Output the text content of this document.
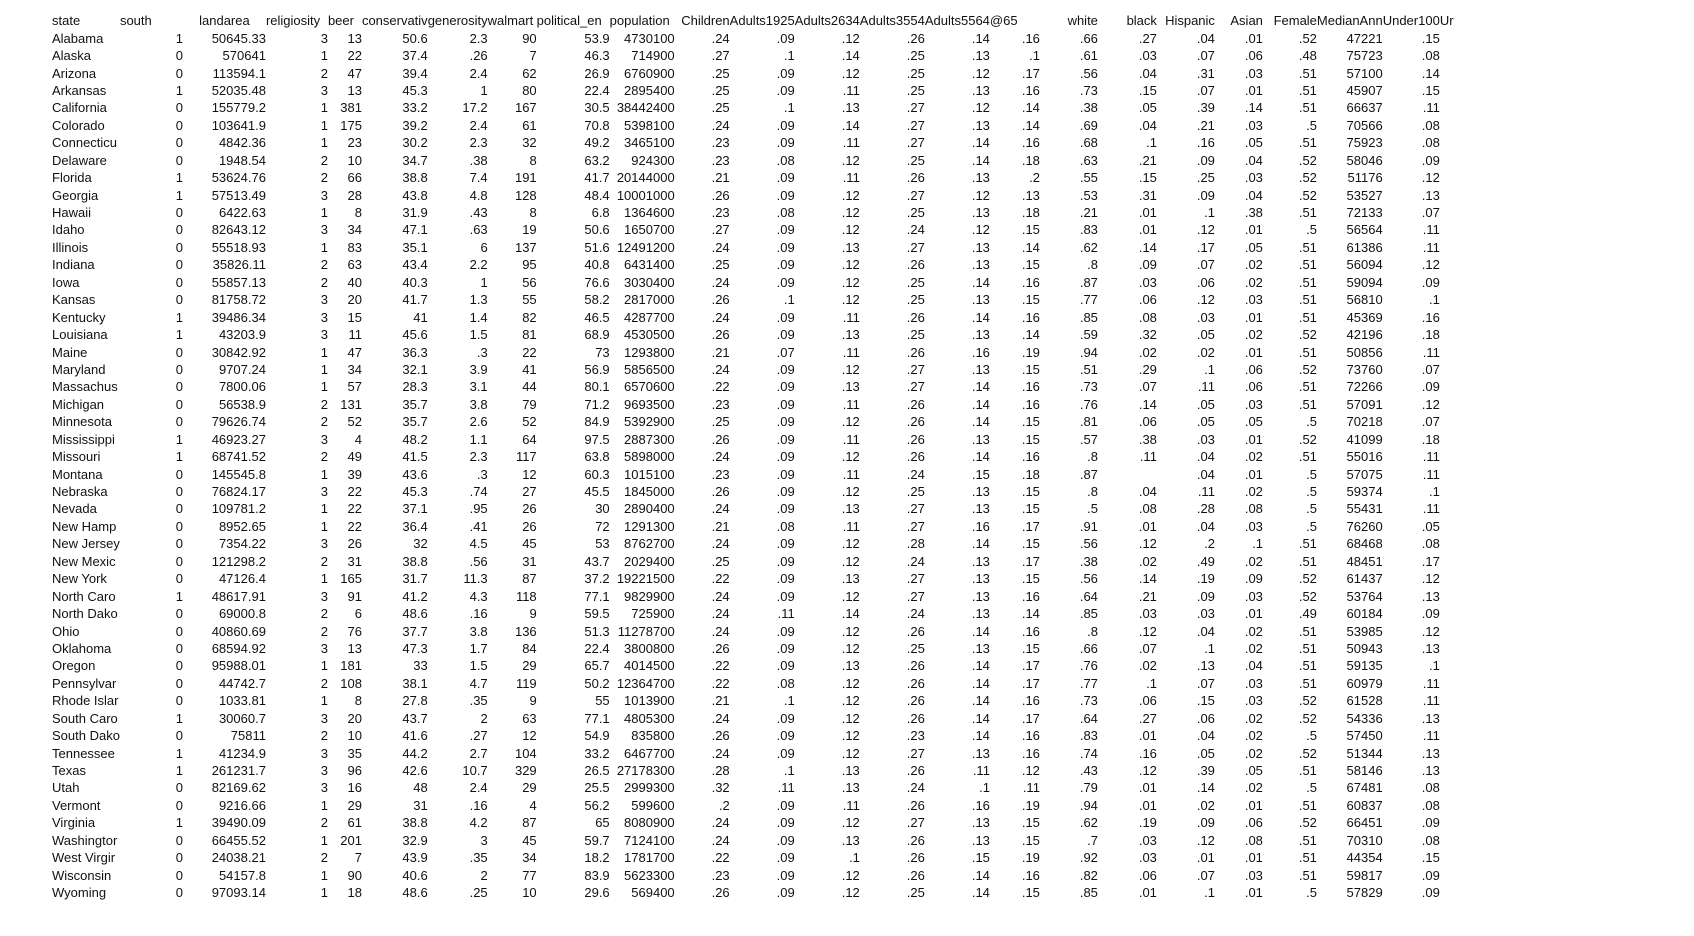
state	south	landarea	religiosity	beer	conservativ	generosity	walmart	political_en	population	Children	Adults1925	Adults2634	Adults3554	Adults5564	@65	white	black	Hispanic	Asian	Female	MedianAnn	Under100	Ur
Alabama	1	50645.33	3	13	50.6	2.3	90	53.9	4730100	.24	.09	.12	.26	.14	.16	.66	.27	.04	.01	.52	47221	.15	
Alaska	0	570641	1	22	37.4	.26	7	46.3	714900	.27	.1	.14	.25	.13	.1	.61	.03	.07	.06	.48	75723	.08	
Arizona	0	113594.1	2	47	39.4	2.4	62	26.9	6760900	.25	.09	.12	.25	.12	.17	.56	.04	.31	.03	.51	57100	.14	
Arkansas	1	52035.48	3	13	45.3	1	80	22.4	2895400	.25	.09	.11	.25	.13	.16	.73	.15	.07	.01	.51	45907	.15	
California	0	155779.2	1	381	33.2	17.2	167	30.5	38442400	.25	.1	.13	.27	.12	.14	.38	.05	.39	.14	.51	66637	.11	
Colorado	0	103641.9	1	175	39.2	2.4	61	70.8	5398100	.24	.09	.14	.27	.13	.14	.69	.04	.21	.03	.5	70566	.08	
Connecticu	0	4842.36	1	23	30.2	2.3	32	49.2	3465100	.23	.09	.11	.27	.14	.16	.68	.1	.16	.05	.51	75923	.08	
Delaware	0	1948.54	2	10	34.7	.38	8	63.2	924300	.23	.08	.12	.25	.14	.18	.63	.21	.09	.04	.52	58046	.09	
Florida	1	53624.76	2	66	38.8	7.4	191	41.7	20144000	.21	.09	.11	.26	.13	.2	.55	.15	.25	.03	.52	51176	.12	
Georgia	1	57513.49	3	28	43.8	4.8	128	48.4	10001000	.26	.09	.12	.27	.12	.13	.53	.31	.09	.04	.52	53527	.13	
Hawaii	0	6422.63	1	8	31.9	.43	8	6.8	1364600	.23	.08	.12	.25	.13	.18	.21	.01	.1	.38	.51	72133	.07	
Idaho	0	82643.12	3	34	47.1	.63	19	50.6	1650700	.27	.09	.12	.24	.12	.15	.83	.01	.12	.01	.5	56564	.11	
Illinois	0	55518.93	1	83	35.1	6	137	51.6	12491200	.24	.09	.13	.27	.13	.14	.62	.14	.17	.05	.51	61386	.11	
Indiana	0	35826.11	2	63	43.4	2.2	95	40.8	6431400	.25	.09	.12	.26	.13	.15	.8	.09	.07	.02	.51	56094	.12	
Iowa	0	55857.13	2	40	40.3	1	56	76.6	3030400	.24	.09	.12	.25	.14	.16	.87	.03	.06	.02	.51	59094	.09	
Kansas	0	81758.72	3	20	41.7	1.3	55	58.2	2817000	.26	.1	.12	.25	.13	.15	.77	.06	.12	.03	.51	56810	.1	
Kentucky	1	39486.34	3	15	41	1.4	82	46.5	4287700	.24	.09	.11	.26	.14	.16	.85	.08	.03	.01	.51	45369	.16	
Louisiana	1	43203.9	3	11	45.6	1.5	81	68.9	4530500	.26	.09	.13	.25	.13	.14	.59	.32	.05	.02	.52	42196	.18	
Maine	0	30842.92	1	47	36.3	.3	22	73	1293800	.21	.07	.11	.26	.16	.19	.94	.02	.02	.01	.51	50856	.11	
Maryland	0	9707.24	1	34	32.1	3.9	41	56.9	5856500	.24	.09	.12	.27	.13	.15	.51	.29	.1	.06	.52	73760	.07	
Massachus	0	7800.06	1	57	28.3	3.1	44	80.1	6570600	.22	.09	.13	.27	.14	.16	.73	.07	.11	.06	.51	72266	.09	
Michigan	0	56538.9	2	131	35.7	3.8	79	71.2	9693500	.23	.09	.11	.26	.14	.16	.76	.14	.05	.03	.51	57091	.12	
Minnesota	0	79626.74	2	52	35.7	2.6	52	84.9	5392900	.25	.09	.12	.26	.14	.15	.81	.06	.05	.05	.5	70218	.07	
Mississippi	1	46923.27	3	4	48.2	1.1	64	97.5	2887300	.26	.09	.11	.26	.13	.15	.57	.38	.03	.01	.52	41099	.18	
Missouri	1	68741.52	2	49	41.5	2.3	117	63.8	5898000	.24	.09	.12	.26	.14	.16	.8	.11	.04	.02	.51	55016	.11	
Montana	0	145545.8	1	39	43.6	.3	12	60.3	1015100	.23	.09	.11	.24	.15	.18	.87		.04	.01	.5	57075	.11	
Nebraska	0	76824.17	3	22	45.3	.74	27	45.5	1845000	.26	.09	.12	.25	.13	.15	.8	.04	.11	.02	.5	59374	.1	
Nevada	0	109781.2	1	22	37.1	.95	26	30	2890400	.24	.09	.13	.27	.13	.15	.5	.08	.28	.08	.5	55431	.11	
New Hamp	0	8952.65	1	22	36.4	.41	26	72	1291300	.21	.08	.11	.27	.16	.17	.91	.01	.04	.03	.5	76260	.05	
New Jersey	0	7354.22	3	26	32	4.5	45	53	8762700	.24	.09	.12	.28	.14	.15	.56	.12	.2	.1	.51	68468	.08	
New Mexic	0	121298.2	2	31	38.8	.56	31	43.7	2029400	.25	.09	.12	.24	.13	.17	.38	.02	.49	.02	.51	48451	.17	
New York	0	47126.4	1	165	31.7	11.3	87	37.2	19221500	.22	.09	.13	.27	.13	.15	.56	.14	.19	.09	.52	61437	.12	
North Caro	1	48617.91	3	91	41.2	4.3	118	77.1	9829900	.24	.09	.12	.27	.13	.16	.64	.21	.09	.03	.52	53764	.13	
North Dako	0	69000.8	2	6	48.6	.16	9	59.5	725900	.24	.11	.14	.24	.13	.14	.85	.03	.03	.01	.49	60184	.09	
Ohio	0	40860.69	2	76	37.7	3.8	136	51.3	11278700	.24	.09	.12	.26	.14	.16	.8	.12	.04	.02	.51	53985	.12	
Oklahoma	0	68594.92	3	13	47.3	1.7	84	22.4	3800800	.26	.09	.12	.25	.13	.15	.66	.07	.1	.02	.51	50943	.13	
Oregon	0	95988.01	1	181	33	1.5	29	65.7	4014500	.22	.09	.13	.26	.14	.17	.76	.02	.13	.04	.51	59135	.1	
Pennsylvar	0	44742.7	2	108	38.1	4.7	119	50.2	12364700	.22	.08	.12	.26	.14	.17	.77	.1	.07	.03	.51	60979	.11	
Rhode Islar	0	1033.81	1	8	27.8	.35	9	55	1013900	.21	.1	.12	.26	.14	.16	.73	.06	.15	.03	.52	61528	.11	
South Caro	1	30060.7	3	20	43.7	2	63	77.1	4805300	.24	.09	.12	.26	.14	.17	.64	.27	.06	.02	.52	54336	.13	
South Dako	0	75811	2	10	41.6	.27	12	54.9	835800	.26	.09	.12	.23	.14	.16	.83	.01	.04	.02	.5	57450	.11	
Tennessee	1	41234.9	3	35	44.2	2.7	104	33.2	6467700	.24	.09	.12	.27	.13	.16	.74	.16	.05	.02	.52	51344	.13	
Texas	1	261231.7	3	96	42.6	10.7	329	26.5	27178300	.28	.1	.13	.26	.11	.12	.43	.12	.39	.05	.51	58146	.13	
Utah	0	82169.62	3	16	48	2.4	29	25.5	2999300	.32	.11	.13	.24	.1	.11	.79	.01	.14	.02	.5	67481	.08	
Vermont	0	9216.66	1	29	31	.16	4	56.2	599600	.2	.09	.11	.26	.16	.19	.94	.01	.02	.01	.51	60837	.08	
Virginia	1	39490.09	2	61	38.8	4.2	87	65	8080900	.24	.09	.12	.27	.13	.15	.62	.19	.09	.06	.52	66451	.09	
Washingtor	0	66455.52	1	201	32.9	3	45	59.7	7124100	.24	.09	.13	.26	.13	.15	.7	.03	.12	.08	.51	70310	.08	
West Virgir	0	24038.21	2	7	43.9	.35	34	18.2	1781700	.22	.09	.1	.26	.15	.19	.92	.03	.01	.01	.51	44354	.15	
Wisconsin	0	54157.8	1	90	40.6	2	77	83.9	5623300	.23	.09	.12	.26	.14	.16	.82	.06	.07	.03	.51	59817	.09	
Wyoming	0	97093.14	1	18	48.6	.25	10	29.6	569400	.26	.09	.12	.25	.14	.15	.85	.01	.1	.01	.5	57829	.09	
